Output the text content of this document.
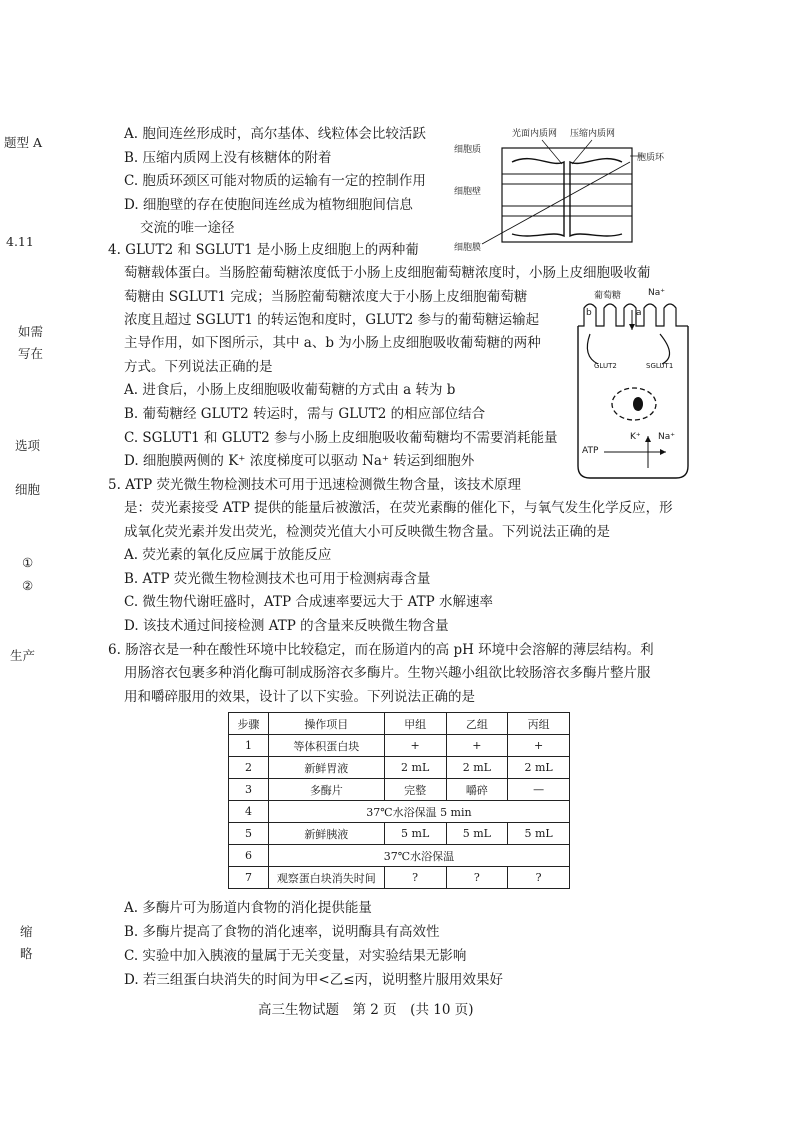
题型 A
4.11
如需
写在
选项
细胞
①
②
生产
缩
略
A. 胞间连丝形成时，高尔基体、线粒体会比较活跃
B. 压缩内质网上没有核糖体的附着
C. 胞质环颈区可能对物质的运输有一定的控制作用
D. 细胞壁的存在使胞间连丝成为植物细胞间信息
交流的唯一途径
光面内质网 压缩内质网
细胞质
细胞壁
胞质环
细胞膜
4. GLUT2 和 SGLUT1 是小肠上皮细胞上的两种葡
萄糖载体蛋白。当肠腔葡萄糖浓度低于小肠上皮细胞葡萄糖浓度时，小肠上皮细胞吸收葡
萄糖由 SGLUT1 完成；当肠腔葡萄糖浓度大于小肠上皮细胞葡萄糖
浓度且超过 SGLUT1 的转运饱和度时，GLUT2 参与的葡萄糖运输起
主导作用，如下图所示，其中 a、b 为小肠上皮细胞吸收葡萄糖的两种
方式。下列说法正确的是
A. 进食后，小肠上皮细胞吸收葡萄糖的方式由 a 转为 b
B. 葡萄糖经 GLUT2 转运时，需与 GLUT2 的相应部位结合
C. SGLUT1 和 GLUT2 参与小肠上皮细胞吸收葡萄糖均不需要消耗能量
D. 细胞膜两侧的 K⁺ 浓度梯度可以驱动 Na⁺ 转运到细胞外
葡萄糖	Na⁺
b	a
GLUT2	SGLUT1
K⁺ Na⁺
ATP
5. ATP 荧光微生物检测技术可用于迅速检测微生物含量，该技术原理
是：荧光素接受 ATP 提供的能量后被激活，在荧光素酶的催化下，与氧气发生化学反应，形
成氧化荧光素并发出荧光，检测荧光值大小可反映微生物含量。下列说法正确的是
A. 荧光素的氧化反应属于放能反应
B. ATP 荧光微生物检测技术也可用于检测病毒含量
C. 微生物代谢旺盛时，ATP 合成速率要远大于 ATP 水解速率
D. 该技术通过间接检测 ATP 的含量来反映微生物含量
6. 肠溶衣是一种在酸性环境中比较稳定，而在肠道内的高 pH 环境中会溶解的薄层结构。利
用肠溶衣包裹多种消化酶可制成肠溶衣多酶片。生物兴趣小组欲比较肠溶衣多酶片整片服
用和嚼碎服用的效果，设计了以下实验。下列说法正确的是
步骤	操作项目	甲组	乙组	丙组
1	等体积蛋白块	+	+	+
2	新鲜胃液	2 mL	2 mL	2 mL
3	多酶片	完整	嚼碎	—
4	37℃水浴保温 5 min			
5	新鲜胰液	5 mL	5 mL	5 mL
6	37℃水浴保温			
7	观察蛋白块消失时间	?	?	?
A. 多酶片可为肠道内食物的消化提供能量
B. 多酶片提高了食物的消化速率，说明酶具有高效性
C. 实验中加入胰液的量属于无关变量，对实验结果无影响
D. 若三组蛋白块消失的时间为甲<乙≤丙，说明整片服用效果好
高三生物试题　第 2 页　(共 10 页)
